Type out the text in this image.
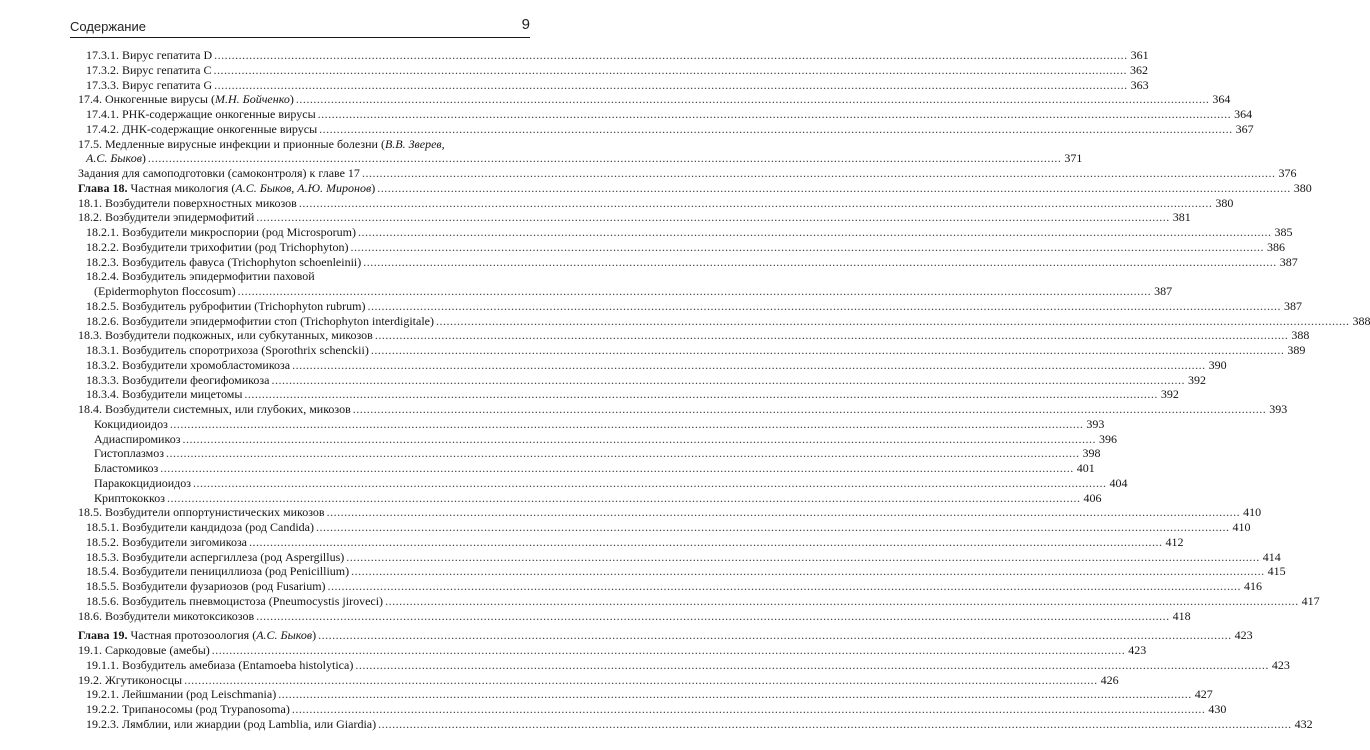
Содержание	9
17.3.1. Вирус гепатита D .....	361
17.3.2. Вирус гепатита C .....	362
17.3.3. Вирус гепатита G .....	363
17.4. Онкогенные вирусы (М.Н. Бойченко) .....	364
17.4.1. РНК-содержащие онкогенные вирусы .....	364
17.4.2. ДНК-содержащие онкогенные вирусы .....	367
17.5. Медленные вирусные инфекции и прионные болезни (В.В. Зверев,
А.С. Быков) .....	371
Задания для самоподготовки (самоконтроля) к главе 17 .....	376
Глава 18. Частная микология (А.С. Быков, А.Ю. Миронов) .....	380
18.1. Возбудители поверхностных микозов .....	380
18.2. Возбудители эпидермофитий .....	381
18.2.1. Возбудители микроспории (род Microsporum) .....	385
18.2.2. Возбудители трихофитии (род Trichophyton) .....	386
18.2.3. Возбудитель фавуса (Trichophyton schoenleinii) .....	387
18.2.4. Возбудитель эпидермофитии паховой
(Epidermophyton floccosum) .....	387
18.2.5. Возбудитель руброфитии (Trichophyton rubrum) .....	387
18.2.6. Возбудители эпидермофитии стоп (Trichophyton interdigitale) .....	388
18.3. Возбудители подкожных, или субкутанных, микозов .....	388
18.3.1. Возбудитель споротрихоза (Sporothrix schenckii) .....	389
18.3.2. Возбудители хромобластомикоза .....	390
18.3.3. Возбудители феогифомикоза .....	392
18.3.4. Возбудители мицетомы .....	392
18.4. Возбудители системных, или глубоких, микозов .....	393
Кокцидиоидоз .....	393
Адиаспиромикоз .....	396
Гистоплазмоз .....	398
Бластомикоз .....	401
Паракокцидиоидоз .....	404
Криптококкоз .....	406
18.5. Возбудители оппортунистических микозов .....	410
18.5.1. Возбудители кандидоза (род Candida) .....	410
18.5.2. Возбудители зигомикоза .....	412
18.5.3. Возбудители аспергиллеза (род Aspergillus) .....	414
18.5.4. Возбудители пенициллиоза (род Penicillium) .....	415
18.5.5. Возбудители фузариозов (род Fusarium) .....	416
18.5.6. Возбудитель пневмоцистоза (Pneumocystis jiroveci) .....	417
18.6. Возбудители микотоксикозов .....	418
Глава 19. Частная протозоология (А.С. Быков) .....	423
19.1. Саркодовые (амебы) .....	423
19.1.1. Возбудитель амебиаза (Entamoeba histolytica) .....	423
19.2. Жгутиконосцы .....	426
19.2.1. Лейшмании (род Leischmania) .....	427
19.2.2. Трипаносомы (род Trypanosoma) .....	430
19.2.3. Лямблии, или жиардии (род Lamblia, или Giardia) .....	432
